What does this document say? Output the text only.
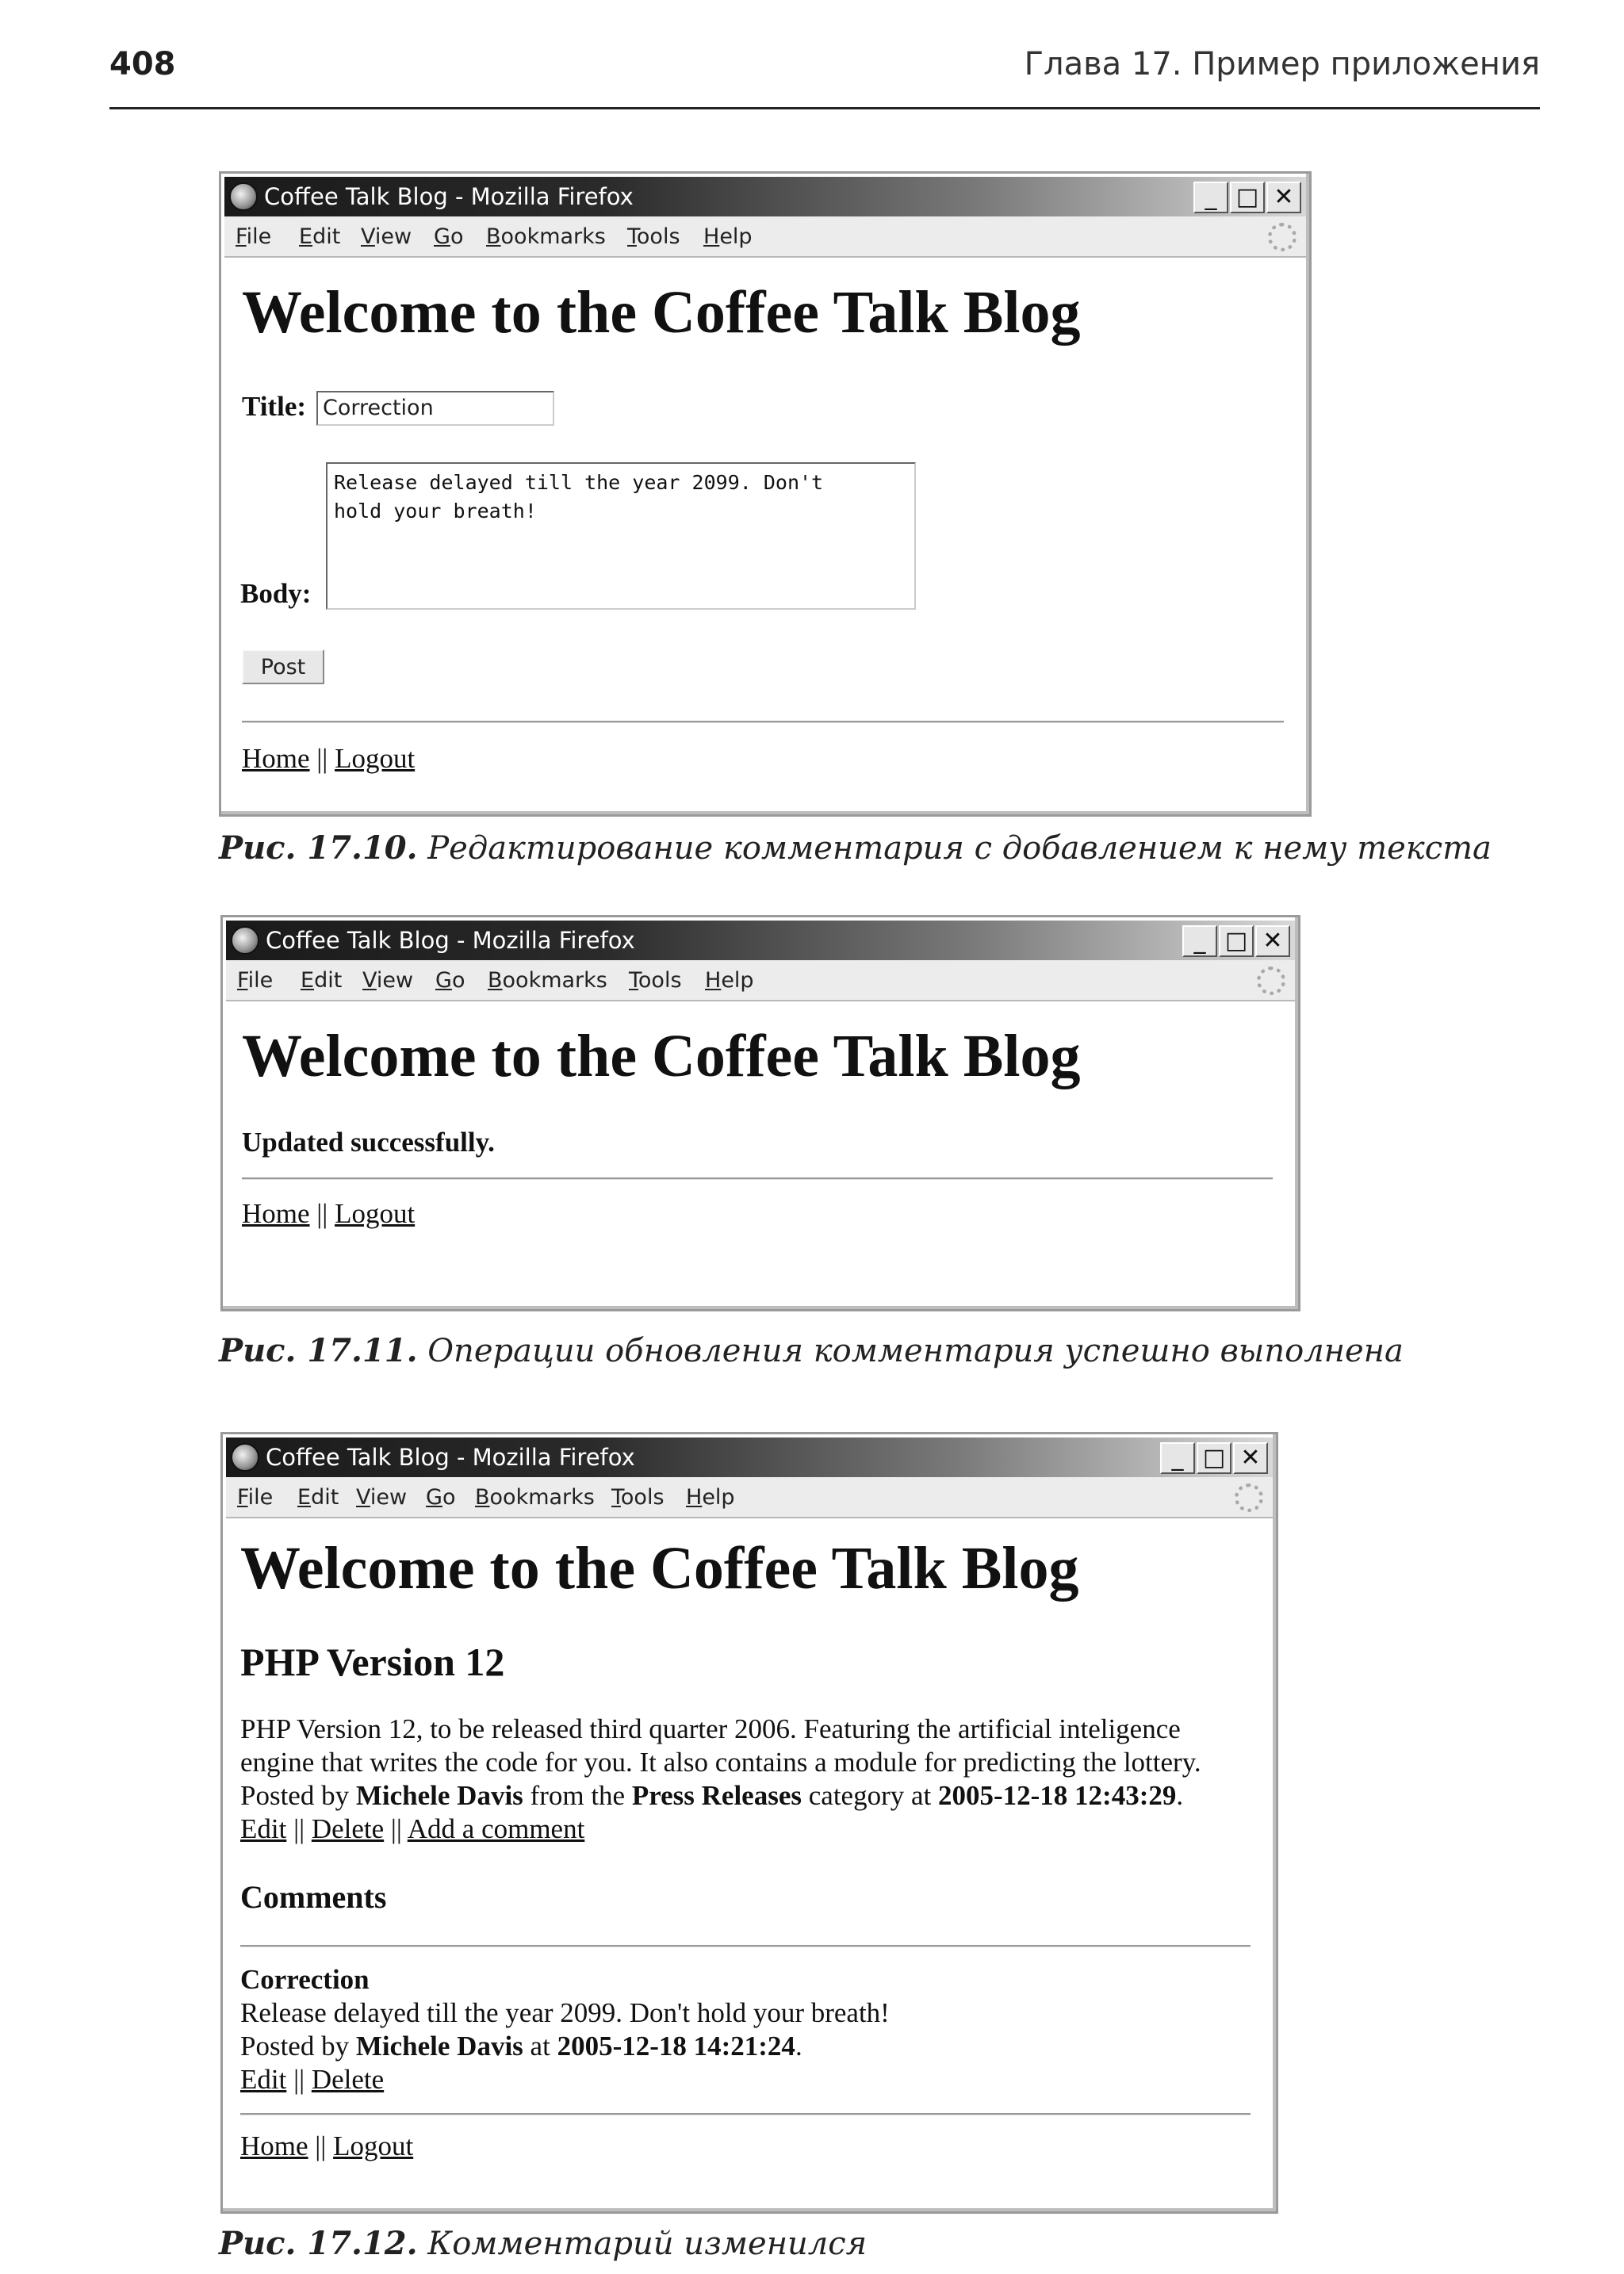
408	Глава 17. Пример приложения
Coffee Talk Blog - Mozilla Firefox	_ □ ✕
File Edit View Go Bookmarks Tools Help
Welcome to the Coffee Talk Blog
Title: Correction
Release delayed till the year 2099. Don't
hold your breath!
Body:
Post
Home || Logout
Рис. 17.10. Редактирование комментария с добавлением к нему текста
Coffee Talk Blog - Mozilla Firefox	_ □ ✕
File Edit View Go Bookmarks Tools Help
Welcome to the Coffee Talk Blog
Updated successfully.
Home || Logout
Рис. 17.11. Операции обновления комментария успешно выполнена
Coffee Talk Blog - Mozilla Firefox	_ □ ✕
File Edit View Go Bookmarks Tools Help
Welcome to the Coffee Talk Blog
PHP Version 12
PHP Version 12, to be released third quarter 2006. Featuring the artificial inteligence
engine that writes the code for you. It also contains a module for predicting the lottery.
Posted by Michele Davis from the Press Releases category at 2005-12-18 12:43:29.
Edit || Delete || Add a comment
Comments
Correction
Release delayed till the year 2099. Don't hold your breath!
Posted by Michele Davis at 2005-12-18 14:21:24.
Edit || Delete
Home || Logout
Рис. 17.12. Комментарий изменился
